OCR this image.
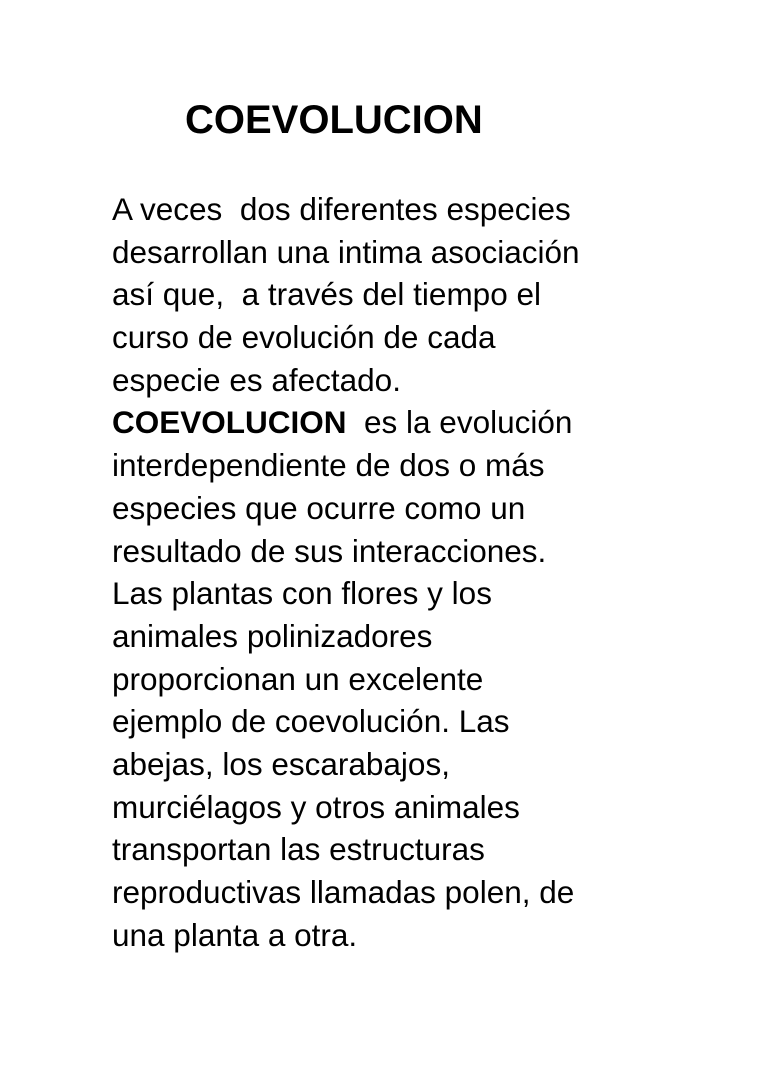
COEVOLUCION
A veces  dos diferentes especies
desarrollan una intima asociación
así que,  a través del tiempo el
curso de evolución de cada
especie es afectado.
COEVOLUCION  es la evolución
interdependiente de dos o más
especies que ocurre como un
resultado de sus interacciones.
Las plantas con flores y los
animales polinizadores
proporcionan un excelente
ejemplo de coevolución. Las
abejas, los escarabajos,
murciélagos y otros animales
transportan las estructuras
reproductivas llamadas polen, de
una planta a otra.
